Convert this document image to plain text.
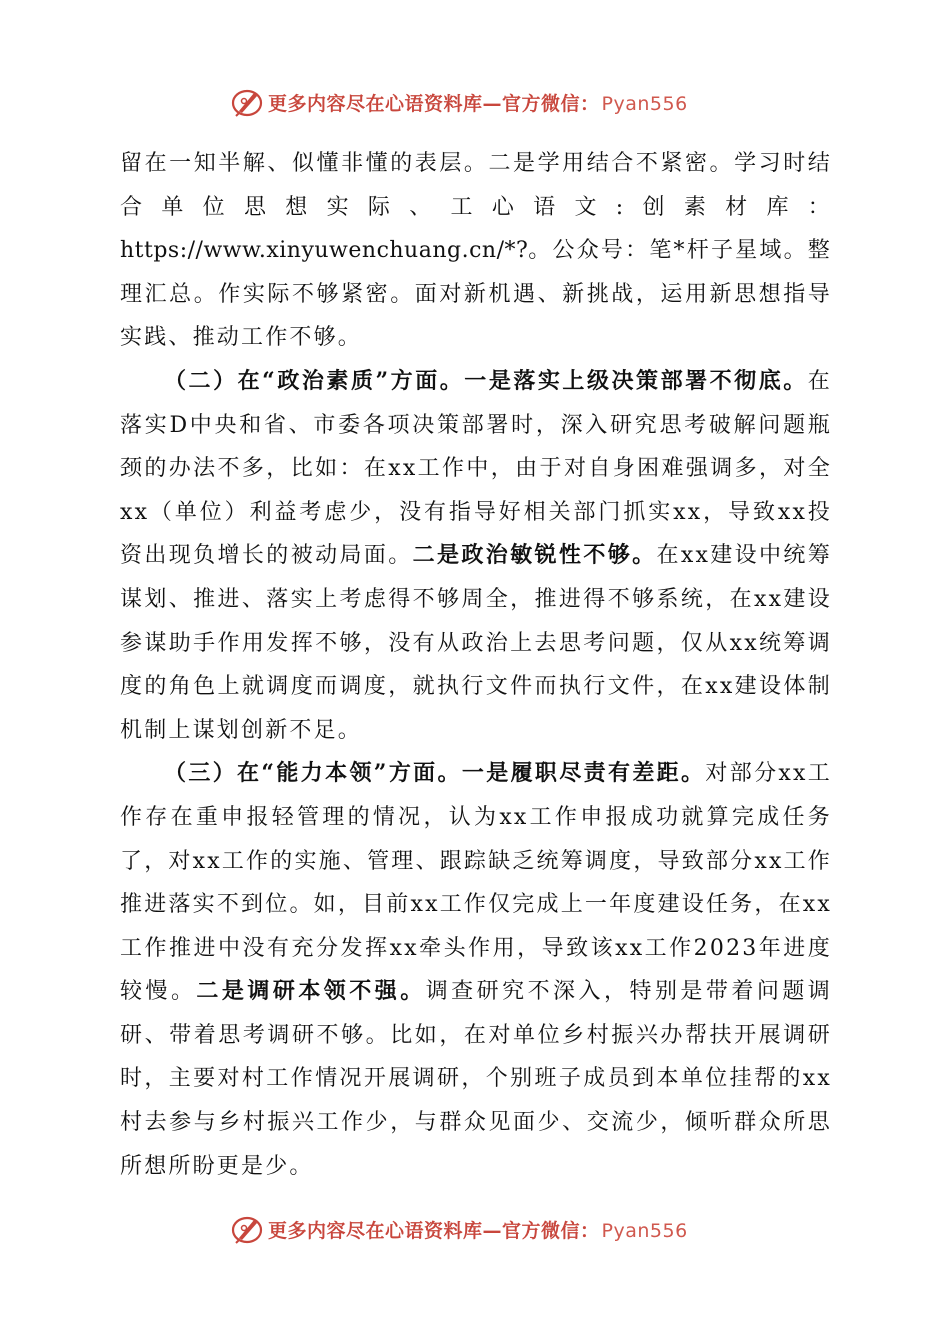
更多内容尽在心语资料库—官方微信： Pyan556

留在一知半解、似懂非懂的表层。二是学用结合不紧密。学习时结合单位思想实际、工心语文:创素材库：https://www.xinyuwenchuang.cn/*?。公众号：笔*杆子星域。整理汇总。作实际不够紧密。面对新机遇、新挑战，运用新思想指导实践、推动工作不够。

（二）在“政治素质”方面。一是落实上级决策部署不彻底。在落实D中央和省、市委各项决策部署时，深入研究思考破解问题瓶颈的办法不多，比如：在xx工作中，由于对自身困难强调多，对全xx（单位）利益考虑少，没有指导好相关部门抓实xx，导致xx投资出现负增长的被动局面。二是政治敏锐性不够。在xx建设中统筹谋划、推进、落实上考虑得不够周全，推进得不够系统，在xx建设参谋助手作用发挥不够，没有从政治上去思考问题，仅从xx统筹调度的角色上就调度而调度，就执行文件而执行文件，在xx建设体制机制上谋划创新不足。

（三）在“能力本领”方面。一是履职尽责有差距。对部分xx工作存在重申报轻管理的情况，认为xx工作申报成功就算完成任务了，对xx工作的实施、管理、跟踪缺乏统筹调度，导致部分xx工作推进落实不到位。如，目前xx工作仅完成上一年度建设任务，在xx工作推进中没有充分发挥xx牵头作用，导致该xx工作2023年进度较慢。二是调研本领不强。调查研究不深入，特别是带着问题调研、带着思考调研不够。比如，在对单位乡村振兴办帮扶开展调研时，主要对村工作情况开展调研，个别班子成员到本单位挂帮的xx村去参与乡村振兴工作少，与群众见面少、交流少，倾听群众所思所想所盼更是少。

更多内容尽在心语资料库—官方微信： Pyan556
